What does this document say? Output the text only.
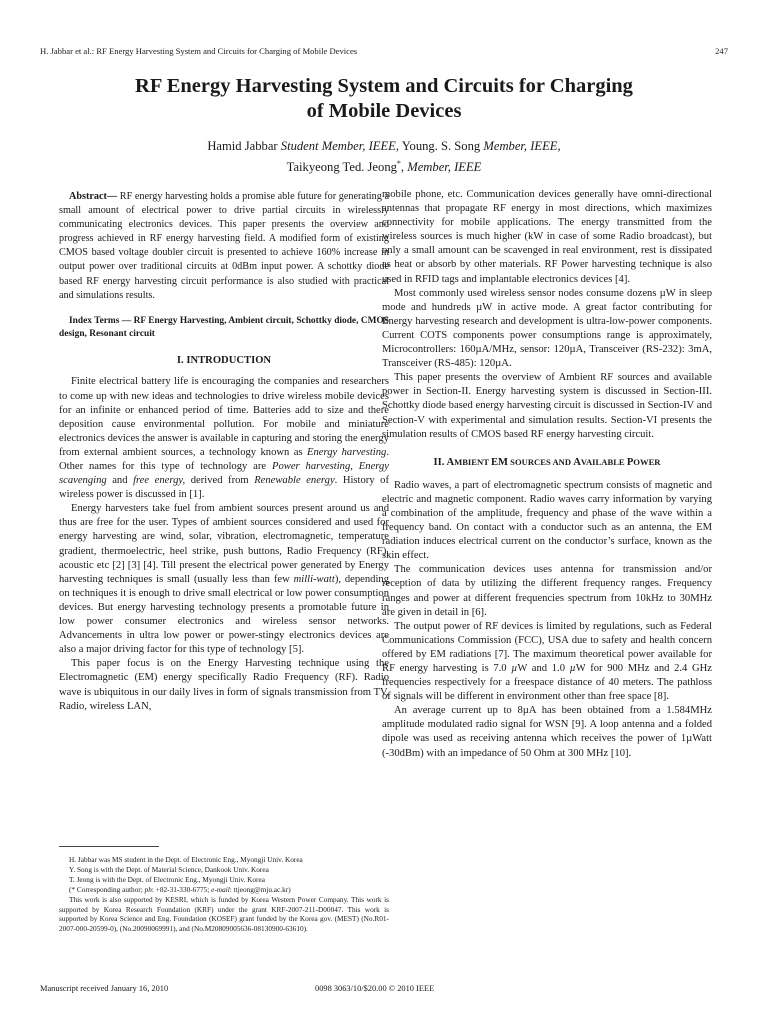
H. Jabbar et al.: RF Energy Harvesting System and Circuits for Charging of Mobile Devices	247
RF Energy Harvesting System and Circuits for Charging
of Mobile Devices
Hamid Jabbar Student Member, IEEE, Young. S. Song Member, IEEE,
Taikyeong Ted. Jeong*, Member, IEEE

Abstract— RF energy harvesting holds a promise able future for generating a small amount of electrical power to drive partial circuits in wirelessly communicating electronics devices. This paper presents the overview and progress achieved in RF energy harvesting field. A modified form of existing CMOS based voltage doubler circuit is presented to achieve 160% increase in output power over traditional circuits at 0dBm input power. A schottky diode based RF energy harvesting circuit performance is also studied with practical and simulations results.

Index Terms — RF Energy Harvesting, Ambient circuit, Schottky diode, CMOS design, Resonant circuit

I. INTRODUCTION

Finite electrical battery life is encouraging the companies and researchers to come up with new ideas and technologies to drive wireless mobile devices for an infinite or enhanced period of time. Batteries add to size and there deposition cause environmental pollution. For mobile and miniature electronics devices the answer is available in capturing and storing the energy from external ambient sources, a technology known as Energy harvesting. Other names for this type of technology are Power harvesting, Energy scavenging and free energy, derived from Renewable energy. History of wireless power is discussed in [1].

Energy harvesters take fuel from ambient sources present around us and thus are free for the user. Types of ambient sources considered and used for energy harvesting are wind, solar, vibration, electromagnetic, temperature gradient, thermoelectric, heel strike, push buttons, Radio Frequency (RF), acoustic etc [2] [3] [4]. Till present the electrical power generated by Energy harvesting techniques is small (usually less than few milli-watt), depending on techniques it is enough to drive small electrical or low power consumption devices. But energy harvesting technology presents a promotable future in low power consumer electronics and wireless sensor networks. Advancements in ultra low power or power-stingy electronics devices are also a major driving factor for this type of technology [5].

This paper focus is on the Energy Harvesting technique using the Electromagnetic (EM) energy specifically Radio Frequency (RF). Radio wave is ubiquitous in our daily lives in form of signals transmission from TV, Radio, wireless LAN,

H. Jabbar was MS student in the Dept. of Electronic Eng., Myongji Univ. Korea

Y. Song is with the Dept. of Material Science, Dankook Univ. Korea

T. Jeong is with the Dept. of Electronic Eng., Myongji Univ. Korea

(* Corresponding author; ph: +82-31-330-6775; e-mail: ttjeong@mju.ac.kr)

This work is also supported by KESRI, which is funded by Korea Western Power Company. This work is supported by Korea Research Foundation (KRF) under the grant KRF-2007-211-D00047. This work is supported by Korea Science and Eng. Foundation (KOSEF) grant funded by the Korea gov. (MEST) (No.R01-2007-000-20599-0), (No.20090069991), and (No.M20809005636-08130900-63610).

mobile phone, etc. Communication devices generally have omni-directional antennas that propagate RF energy in most directions, which maximizes connectivity for mobile applications. The energy transmitted from the wireless sources is much higher (kW in case of some Radio broadcast), but only a small amount can be scavenged in real environment, rest is dissipated as heat or absorb by other materials. RF Power harvesting technique is also used in RFID tags and implantable electronics devices [4].

Most commonly used wireless sensor nodes consume dozens µW in sleep mode and hundreds µW in active mode. A great factor contributing for Energy harvesting research and development is ultra-low-power components. Current COTS components power consumptions range is approximately, Microcontrollers: 160µA/MHz, sensor: 120µA, Transceiver (RS-232): 3mA, Transceiver (RS-485): 120µA.

This paper presents the overview of Ambient RF sources and available power in Section-II. Energy harvesting system is discussed in Section-III. Schottky diode based energy harvesting circuit is discussed in Section-IV and Section-V with experimental and simulation results. Section-VI presents the simulation results of CMOS based RF energy harvesting circuit.

II. AMBIENT EM SOURCES AND AVAILABLE POWER

Radio waves, a part of electromagnetic spectrum consists of magnetic and electric and magnetic component. Radio waves carry information by varying a combination of the amplitude, frequency and phase of the wave within a frequency band. On contact with a conductor such as an antenna, the EM radiation induces electrical current on the conductor’s surface, known as the skin effect.

The communication devices uses antenna for transmission and/or reception of data by utilizing the different frequency ranges. Frequency ranges and power at different frequencies spectrum from 10kHz to 30MHz are given in detail in [6].

The output power of RF devices is limited by regulations, such as Federal Communications Commission (FCC), USA due to safety and health concern offered by EM radiations [7]. The maximum theoretical power available for RF energy harvesting is 7.0 µW and 1.0 µW for 900 MHz and 2.4 GHz frequencies respectively for a freespace distance of 40 meters. The pathloss of signals will be different in environment other than free space [8].

An average current up to 8µA has been obtained from a 1.584MHz amplitude modulated radio signal for WSN [9]. A loop antenna and a folded dipole was used as receiving antenna which receives the power of 1µWatt (-30dBm) with an impedance of 50 Ohm at 300 MHz [10].

Manuscript received January 16, 2010	0098 3063/10/$20.00 © 2010 IEEE
